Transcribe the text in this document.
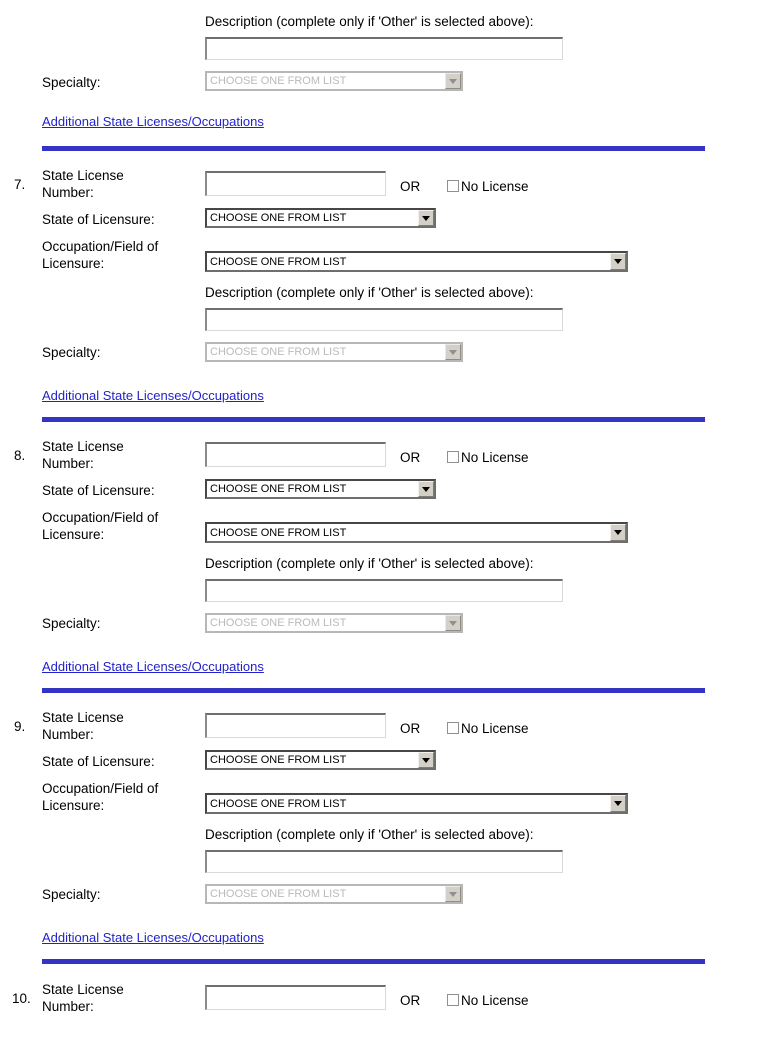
Description (complete only if 'Other' is selected above):
Specialty:
CHOOSE ONE FROM LIST
Additional State Licenses/Occupations
7.
State License Number:	OR	No License
State of Licensure:
CHOOSE ONE FROM LIST
Occupation/Field of Licensure:
CHOOSE ONE FROM LIST
Description (complete only if 'Other' is selected above):
Specialty:
CHOOSE ONE FROM LIST
Additional State Licenses/Occupations
8.
State License Number:	OR	No License
State of Licensure:
CHOOSE ONE FROM LIST
Occupation/Field of Licensure:
CHOOSE ONE FROM LIST
Description (complete only if 'Other' is selected above):
Specialty:
CHOOSE ONE FROM LIST
Additional State Licenses/Occupations
9.
State License Number:	OR	No License
State of Licensure:
CHOOSE ONE FROM LIST
Occupation/Field of Licensure:
CHOOSE ONE FROM LIST
Description (complete only if 'Other' is selected above):
Specialty:
CHOOSE ONE FROM LIST
Additional State Licenses/Occupations
10.
State License Number:	OR	No License
